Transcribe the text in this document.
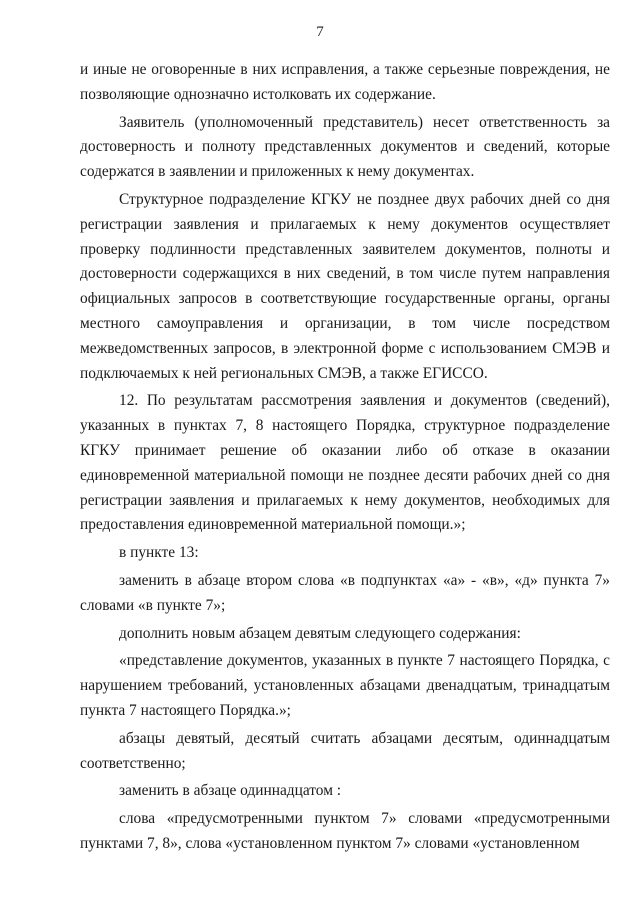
7

и иные не оговоренные в них исправления, а также серьезные повреждения, не позволяющие однозначно истолковать их содержание.

Заявитель (уполномоченный представитель) несет ответственность за достоверность и полноту представленных документов и сведений, которые содержатся в заявлении и приложенных к нему документах.

Структурное подразделение КГКУ не позднее двух рабочих дней со дня регистрации заявления и прилагаемых к нему документов осуществляет проверку подлинности представленных заявителем документов, полноты и достоверности содержащихся в них сведений, в том числе путем направления официальных запросов в соответствующие государственные органы, органы местного самоуправления и организации, в том числе посредством межведомственных запросов, в электронной форме с использованием СМЭВ и подключаемых к ней региональных СМЭВ, а также ЕГИССО.

12. По результатам рассмотрения заявления и документов (сведений), указанных в пунктах 7, 8 настоящего Порядка, структурное подразделение КГКУ принимает решение об оказании либо об отказе в оказании единовременной материальной помощи не позднее десяти рабочих дней со дня регистрации заявления и прилагаемых к нему документов, необходимых для предоставления единовременной материальной помощи.»;

в пункте 13:

заменить в абзаце втором слова «в подпунктах «а» - «в», «д» пункта 7» словами «в пункте 7»;

дополнить новым абзацем девятым следующего содержания:

«представление документов, указанных в пункте 7 настоящего Порядка, с нарушением требований, установленных абзацами двенадцатым, тринадцатым пункта 7 настоящего Порядка.»;

абзацы девятый, десятый считать абзацами десятым, одиннадцатым соответственно;

заменить в абзаце одиннадцатом :

слова «предусмотренными пунктом 7» словами «предусмотренными пунктами 7, 8», слова «установленном пунктом 7» словами «установленном
